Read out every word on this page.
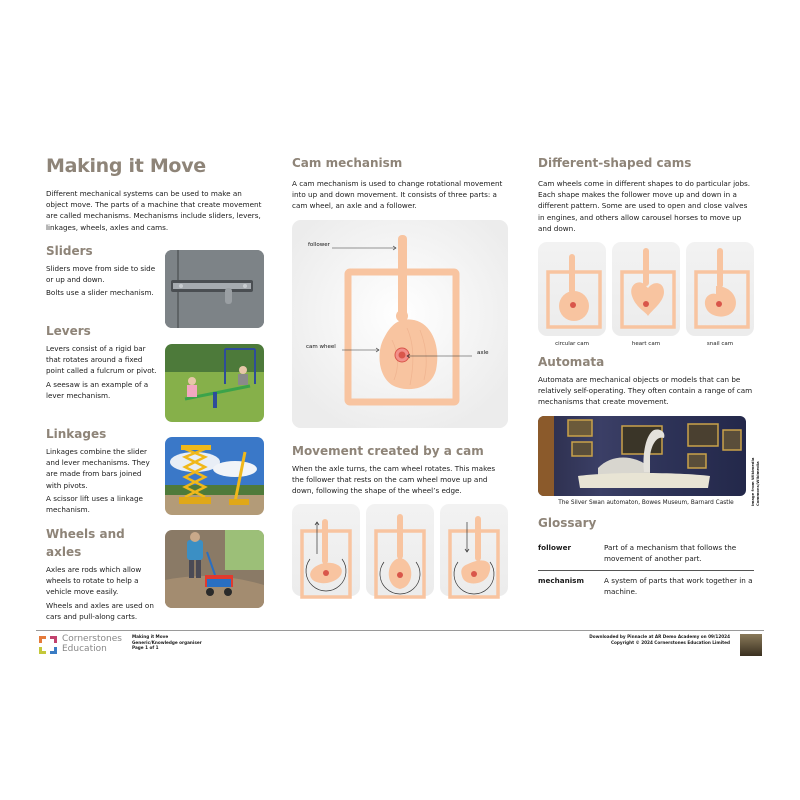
Making it Move

Different mechanical systems can be used to make an object move. The parts of a machine that create movement are called mechanisms. Mechanisms include sliders, levers, linkages, wheels, axles and cams.

Sliders

Sliders move from side to side or up and down.

Bolts use a slider mechanism.

Levers

Levers consist of a rigid bar that rotates around a fixed point called a fulcrum or pivot.

A seesaw is an example of a lever mechanism.

Linkages

Linkages combine the slider and lever mechanisms. They are made from bars joined with pivots.

A scissor lift uses a linkage mechanism.

Wheels and axles

Axles are rods which allow wheels to rotate to help a vehicle move easily.

Wheels and axles are used on cars and pull-along carts.

Cam mechanism

A cam mechanism is used to change rotational movement into up and down movement. It consists of three parts: a cam wheel, an axle and a follower.

follower
cam wheel
axle
Movement created by a cam

When the axle turns, the cam wheel rotates. This makes the follower that rests on the cam wheel move up and down, following the shape of the wheel’s edge.

Different-shaped cams

Cam wheels come in different shapes to do particular jobs. Each shape makes the follower move up and down in a different pattern. Some are used to open and close valves in engines, and others allow carousel horses to move up and down.

circular cam	heart cam	snail cam
Automata

Automata are mechanical objects or models that can be relatively self-operating. They often contain a range of cam mechanisms that create movement.

Image from Wikimedia Commons/Wikimedia
The Silver Swan automaton, Bowes Museum, Barnard Castle
Glossary
follower	Part of a mechanism that follows the movement of another part.
mechanism	A system of parts that work together in a machine.
Cornerstones
Education
Making it Move
Generic/Knowledge organiser
Page 1 of 1
Downloaded by Pinnacle at AR Demo Academy on 09/12024
Copyright © 2024 Cornerstones Education Limited
